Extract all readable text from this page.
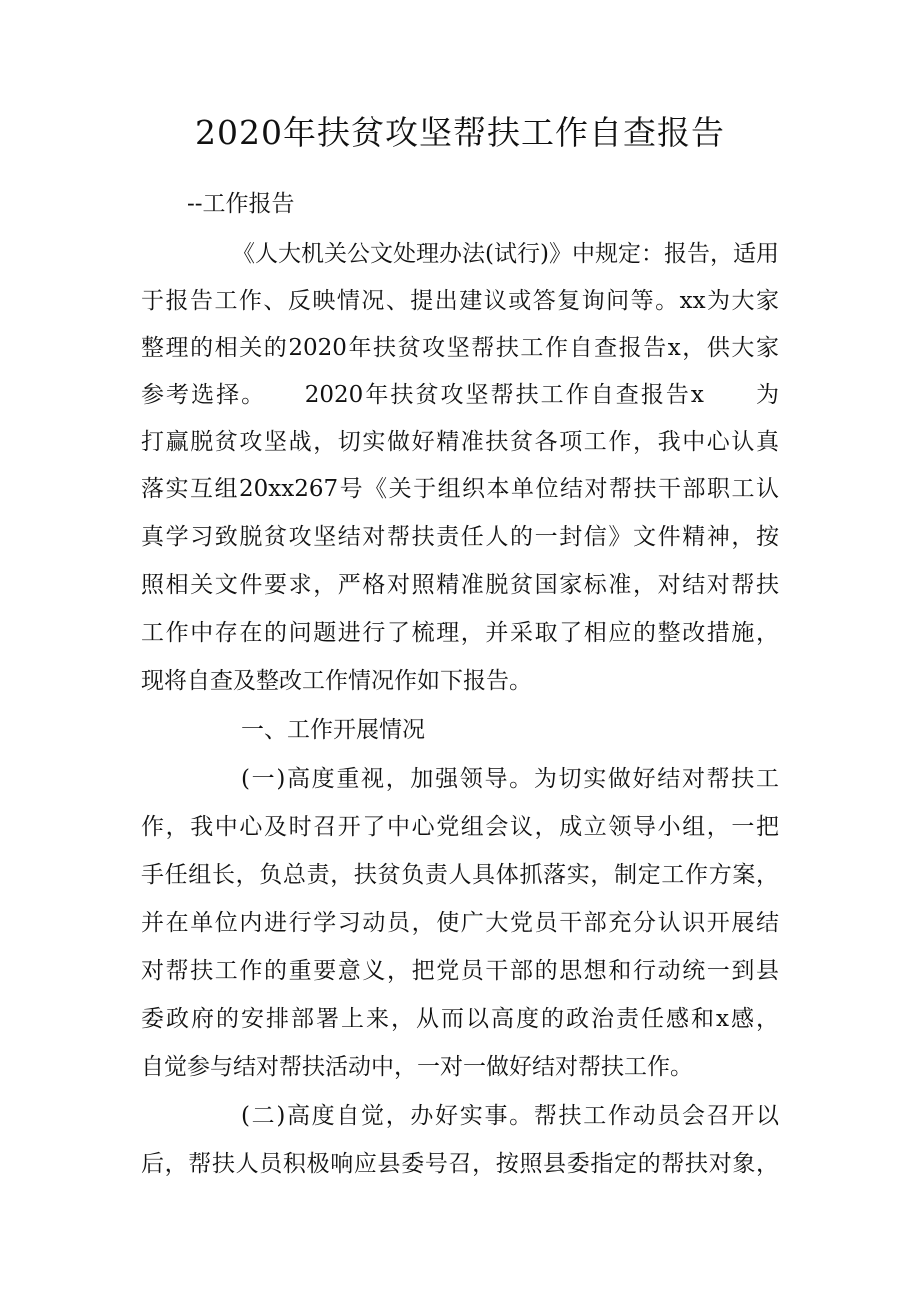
2020年扶贫攻坚帮扶工作自查报告
--工作报告
《人大机关公文处理办法(试行)》中规定：报告，适用
于报告工作、反映情况、提出建议或答复询问等。xx为大家
整理的相关的2020年扶贫攻坚帮扶工作自查报告x，供大家
参考选择。　　2020年扶贫攻坚帮扶工作自查报告x　　为
打赢脱贫攻坚战，切实做好精准扶贫各项工作，我中心认真
落实互组20xx267号《关于组织本单位结对帮扶干部职工认
真学习致脱贫攻坚结对帮扶责任人的一封信》文件精神，按
照相关文件要求，严格对照精准脱贫国家标准，对结对帮扶
工作中存在的问题进行了梳理，并采取了相应的整改措施，
现将自查及整改工作情况作如下报告。
一、工作开展情况
(一)高度重视，加强领导。为切实做好结对帮扶工
作，我中心及时召开了中心党组会议，成立领导小组，一把
手任组长，负总责，扶贫负责人具体抓落实，制定工作方案，
并在单位内进行学习动员，使广大党员干部充分认识开展结
对帮扶工作的重要意义，把党员干部的思想和行动统一到县
委政府的安排部署上来，从而以高度的政治责任感和x感，
自觉参与结对帮扶活动中，一对一做好结对帮扶工作。
(二)高度自觉，办好实事。帮扶工作动员会召开以
后，帮扶人员积极响应县委号召，按照县委指定的帮扶对象，
